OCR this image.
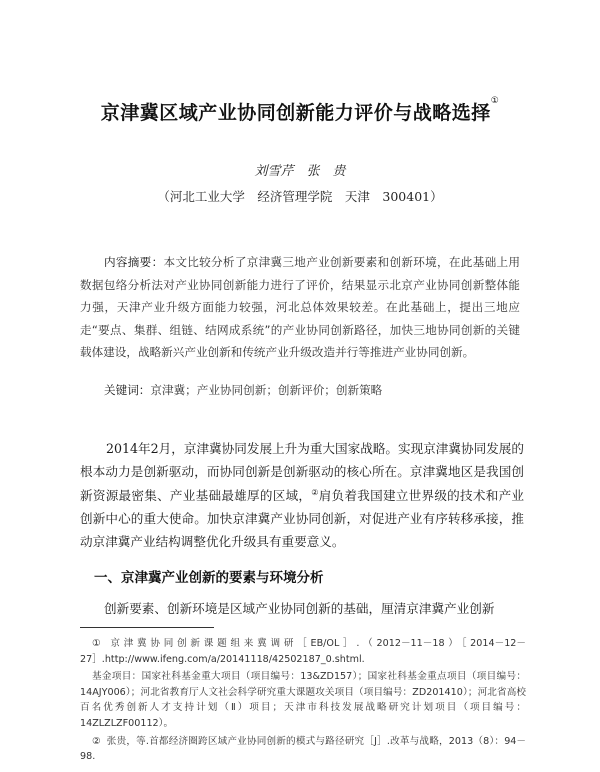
京津冀区域产业协同创新能力评价与战略选择①
刘雪芹　张　贵
（河北工业大学　经济管理学院　天津　300401）

内容摘要：本文比较分析了京津冀三地产业创新要素和创新环境，在此基础上用数据包络分析法对产业协同创新能力进行了评价，结果显示北京产业协同创新整体能力强，天津产业升级方面能力较强，河北总体效果较差。在此基础上，提出三地应走“要点、集群、组链、结网成系统”的产业协同创新路径，加快三地协同创新的关键载体建设，战略新兴产业创新和传统产业升级改造并行等推进产业协同创新。

关键词：京津冀；产业协同创新；创新评价；创新策略

2014年2月，京津冀协同发展上升为重大国家战略。实现京津冀协同发展的根本动力是创新驱动，而协同创新是创新驱动的核心所在。京津冀地区是我国创新资源最密集、产业基础最雄厚的区域，②肩负着我国建立世界级的技术和产业创新中心的重大使命。加快京津冀产业协同创新，对促进产业有序转移承接，推动京津冀产业结构调整优化升级具有重要意义。

一、京津冀产业创新的要素与环境分析

创新要素、创新环境是区域产业协同创新的基础，厘清京津冀产业创新

① 京津冀协同创新课题组来冀调研［EB/OL］.（2012－11－18）［2014－12－27］.http://www.ifeng.com/a/20141118/42502187_0.shtml.

基金项目：国家社科基金重大项目（项目编号：13&ZD157）；国家社科基金重点项目（项目编号：14AJY006）；河北省教育厅人文社会科学研究重大课题攻关项目（项目编号：ZD201410）；河北省高校百名优秀创新人才支持计划（Ⅱ）项目；天津市科技发展战略研究计划项目（项目编号：14ZLZLZF00112）。

② 张贵，等.首都经济圈跨区域产业协同创新的模式与路径研究［J］.改革与战略，2013（8）：94－98.
